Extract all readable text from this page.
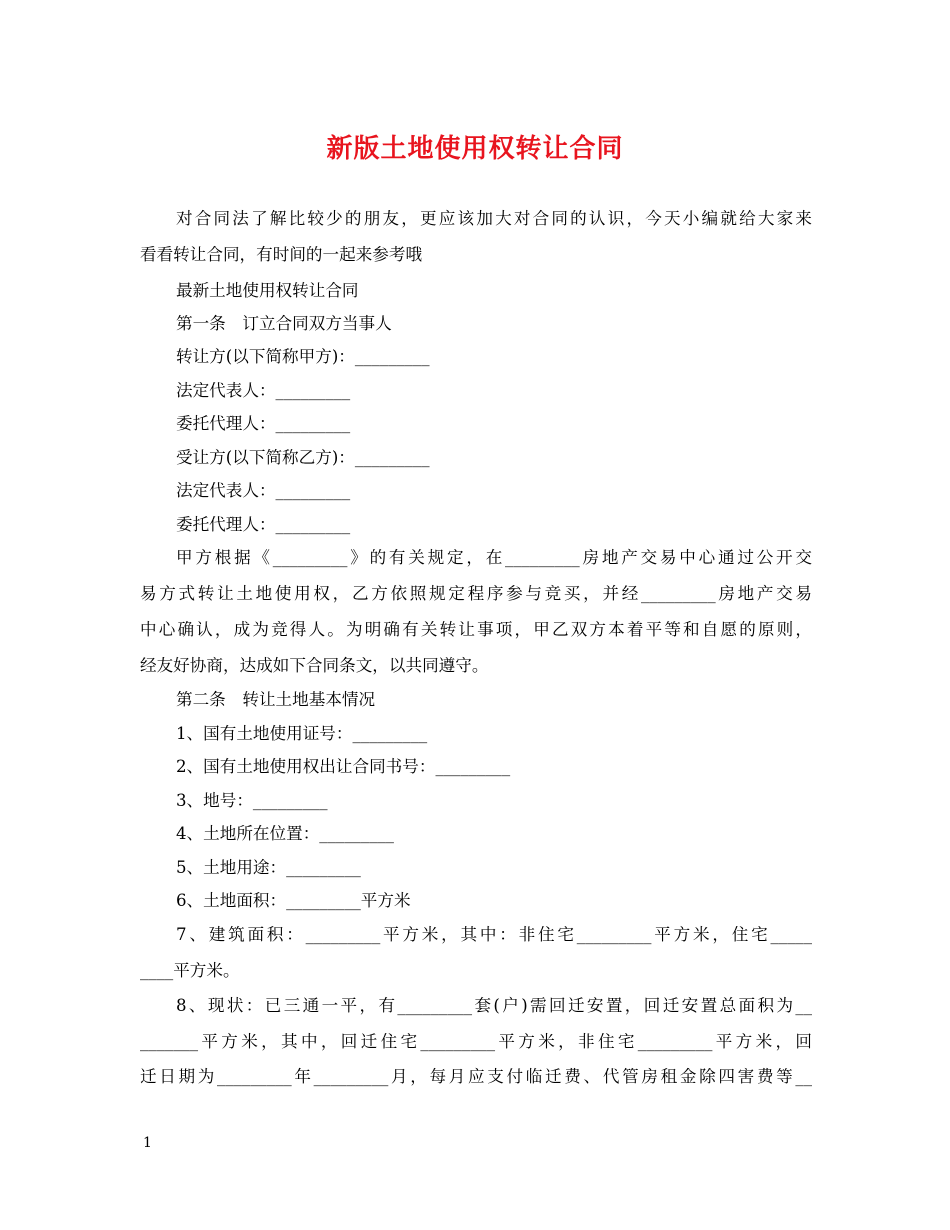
新版土地使用权转让合同
对合同法了解比较少的朋友，更应该加大对合同的认识，今天小编就给大家来
看看转让合同，有时间的一起来参考哦
最新土地使用权转让合同
第一条　订立合同双方当事人
转让方(以下简称甲方)：_________
法定代表人：_________
委托代理人：_________
受让方(以下简称乙方)：_________
法定代表人：_________
委托代理人：_________
甲方根据《_________》的有关规定，在_________房地产交易中心通过公开交
易方式转让土地使用权，乙方依照规定程序参与竞买，并经_________房地产交易
中心确认，成为竞得人。为明确有关转让事项，甲乙双方本着平等和自愿的原则，
经友好协商，达成如下合同条文，以共同遵守。
第二条　转让土地基本情况
1、国有土地使用证号：_________
2、国有土地使用权出让合同书号：_________
3、地号：_________
4、土地所在位置：_________
5、土地用途：_________
6、土地面积：_________平方米
7、建筑面积：_________平方米，其中：非住宅_________平方米，住宅_____
____平方米。
8、现状：已三通一平，有_________套(户)需回迁安置，回迁安置总面积为__
_______平方米，其中，回迁住宅_________平方米，非住宅_________平方米，回
迁日期为_________年_________月，每月应支付临迁费、代管房租金除四害费等__
1
